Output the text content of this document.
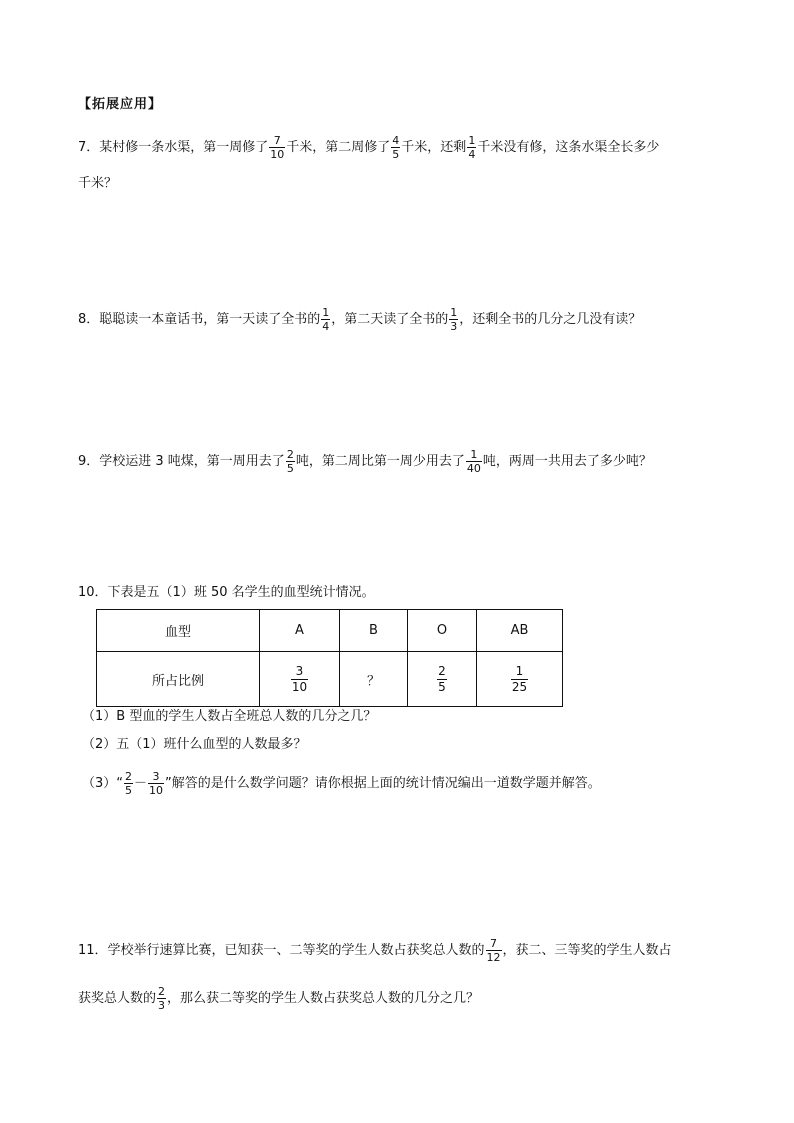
【拓展应用】
7．某村修一条水渠，第一周修了 $\frac{7}{10}$ 千米，第二周修了 $\frac{4}{5}$ 千米，还剩 $\frac{1}{4}$ 千米没有修，这条水渠全长多少
千米？
8．聪聪读一本童话书，第一天读了全书的 $\frac{1}{4}$ ，第二天读了全书的 $\frac{1}{3}$ ，还剩全书的几分之几没有读？
9．学校运进 3 吨煤，第一周用去了 $\frac{2}{5}$ 吨，第二周比第一周少用去了 $\frac{1}{40}$ 吨，两周一共用去了多少吨？
10．下表是五（1）班 50 名学生的血型统计情况。
血型	A	B	O	AB
所占比例	$\frac{3}{10}$	？	$\frac{2}{5}$	$\frac{1}{25}$
（1）B 型血的学生人数占全班总人数的几分之几？
（2）五（1）班什么血型的人数最多？
（3）“ $\frac{2}{5} - \frac{3}{10}$ ”解答的是什么数学问题？请你根据上面的统计情况编出一道数学题并解答。
11．学校举行速算比赛，已知获一、二等奖的学生人数占获奖总人数的 $\frac{7}{12}$ ，获二、三等奖的学生人数占
获奖总人数的 $\frac{2}{3}$ ，那么获二等奖的学生人数占获奖总人数的几分之几？
